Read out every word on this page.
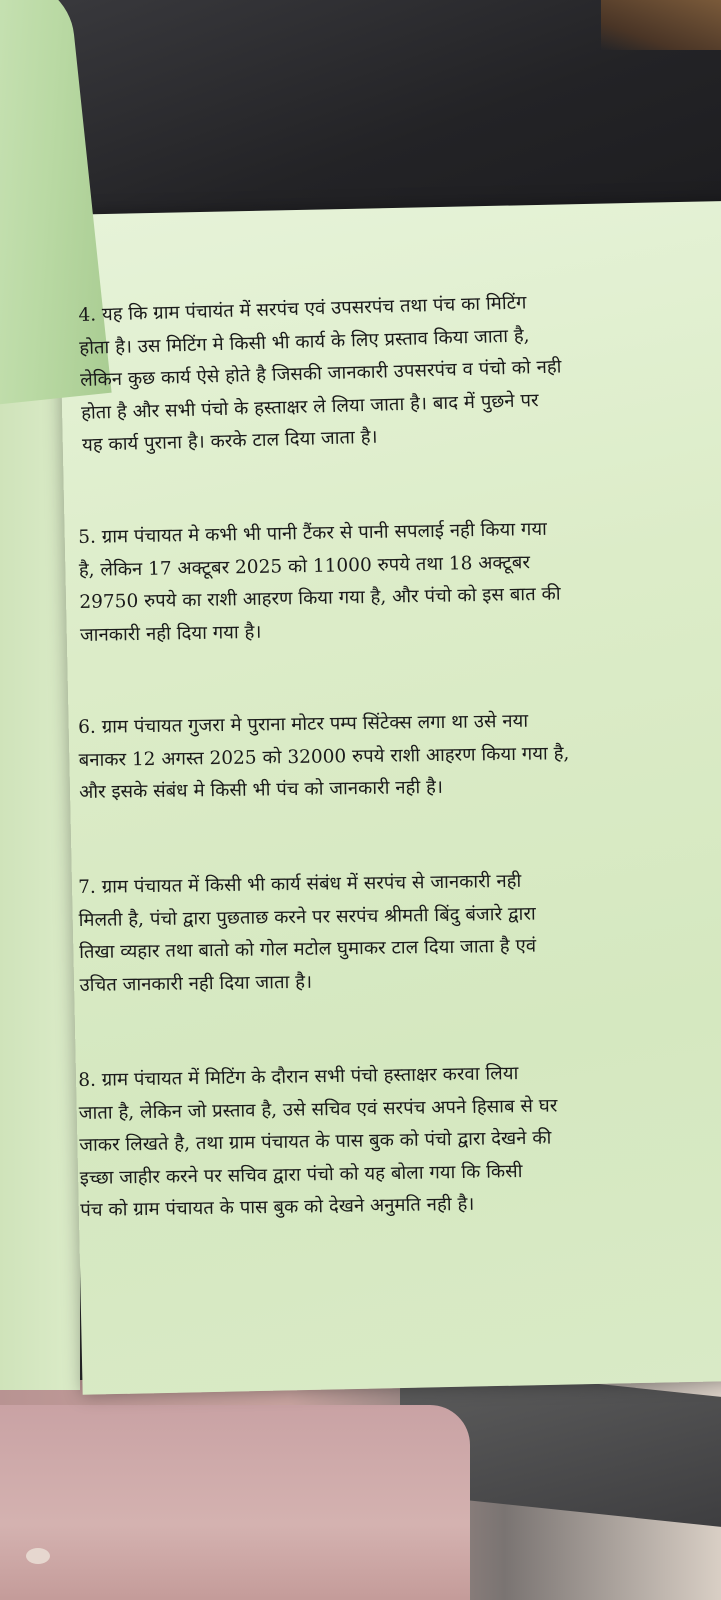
4. यह कि ग्राम पंचायंत में सरपंच एवं उपसरपंच तथा पंच का मिटिंग
होता है। उस मिटिंग मे किसी भी कार्य के लिए प्रस्ताव किया जाता है,
लेकिन कुछ कार्य ऐसे होते है जिसकी जानकारी उपसरपंच व पंचो को नही
होता है और सभी पंचो के हस्ताक्षर ले लिया जाता है। बाद में पुछने पर
यह कार्य पुराना है। करके टाल दिया जाता है।

5. ग्राम पंचायत मे कभी भी पानी टैंकर से पानी सपलाई नही किया गया
है, लेकिन 17 अक्टूबर 2025 को 11000 रुपये तथा 18 अक्टूबर
29750 रुपये का राशी आहरण किया गया है, और पंचो को इस बात की
जानकारी नही दिया गया है।

6. ग्राम पंचायत गुजरा मे पुराना मोटर पम्प सिंटेक्स लगा था उसे नया
बनाकर 12 अगस्त 2025 को 32000 रुपये राशी आहरण किया गया है,
और इसके संबंध मे किसी भी पंच को जानकारी नही है।

7. ग्राम पंचायत में किसी भी कार्य संबंध में सरपंच से जानकारी नही
मिलती है, पंचो द्वारा पुछताछ करने पर सरपंच श्रीमती बिंदु बंजारे द्वारा
तिखा व्यहार तथा बातो को गोल मटोल घुमाकर टाल दिया जाता है एवं
उचित जानकारी नही दिया जाता है।

8. ग्राम पंचायत में मिटिंग के दौरान सभी पंचो हस्ताक्षर करवा लिया
जाता है, लेकिन जो प्रस्ताव है, उसे सचिव एवं सरपंच अपने हिसाब से घर
जाकर लिखते है, तथा ग्राम पंचायत के पास बुक को पंचो द्वारा देखने की
इच्छा जाहीर करने पर सचिव द्वारा पंचो को यह बोला गया कि किसी
पंच को ग्राम पंचायत के पास बुक को देखने अनुमति नही है।
